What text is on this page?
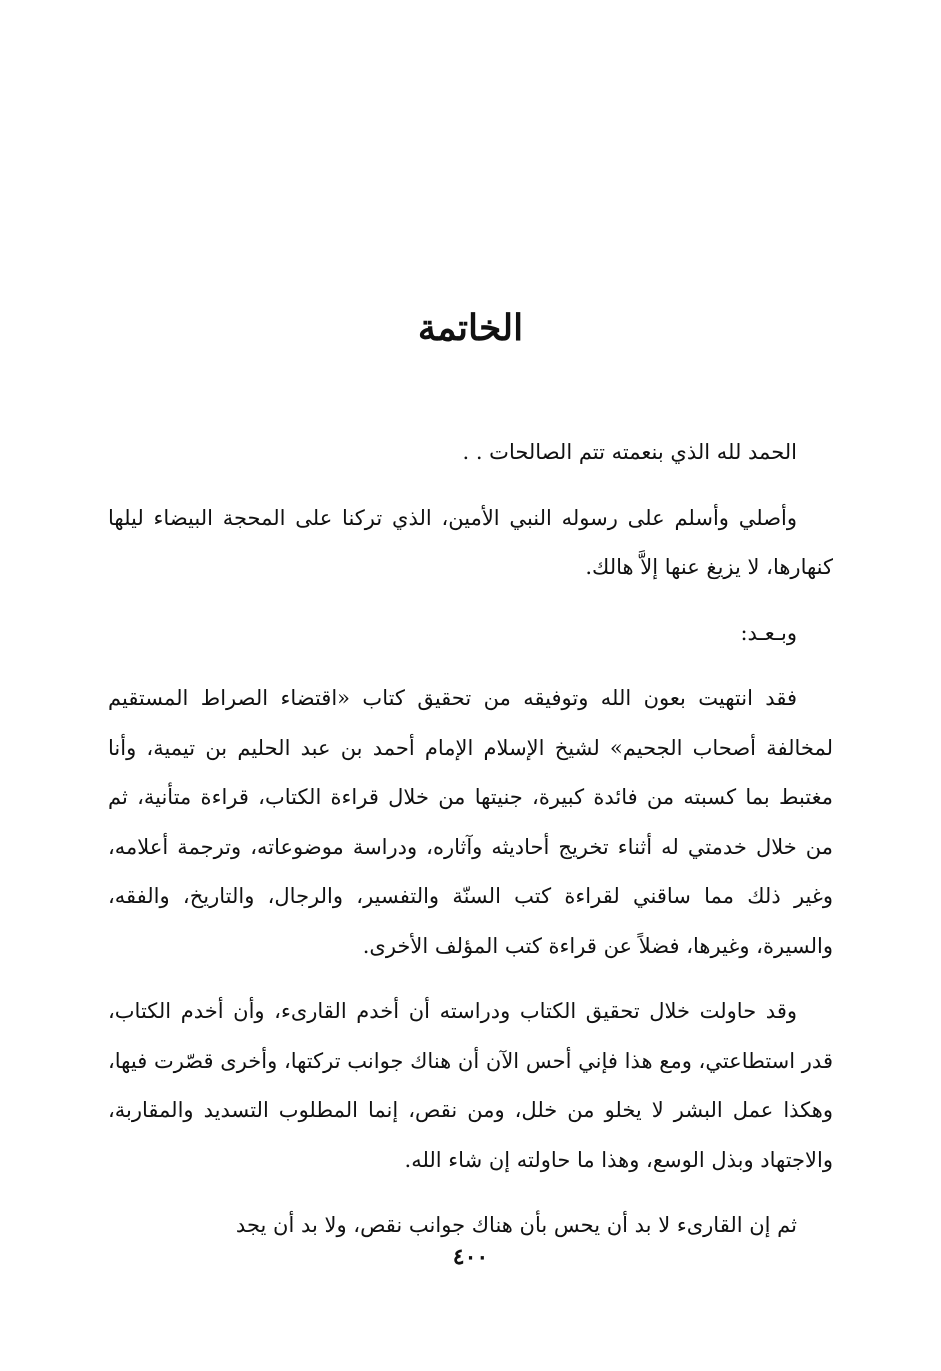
الخاتمة

الحمد لله الذي بنعمته تتم الصالحات . .

وأصلي وأسلم على رسوله النبي الأمين، الذي تركنا على المحجة البيضاء ليلها كنهارها، لا يزيغ عنها إلاَّ هالك.

وبـعـد:

فقد انتهيت بعون الله وتوفيقه من تحقيق كتاب «اقتضاء الصراط المستقيم لمخالفة أصحاب الجحيم» لشيخ الإسلام الإمام أحمد بن عبد الحليم بن تيمية، وأنا مغتبط بما كسبته من فائدة كبيرة، جنيتها من خلال قراءة الكتاب، قراءة متأنية، ثم من خلال خدمتي له أثناء تخريج أحاديثه وآثاره، ودراسة موضوعاته، وترجمة أعلامه، وغير ذلك مما ساقني لقراءة كتب السنّة والتفسير، والرجال، والتاريخ، والفقه، والسيرة، وغيرها، فضلاً عن قراءة كتب المؤلف الأخرى.

وقد حاولت خلال تحقيق الكتاب ودراسته أن أخدم القارىء، وأن أخدم الكتاب، قدر استطاعتي، ومع هذا فإني أحس الآن أن هناك جوانب تركتها، وأخرى قصّرت فيها، وهكذا عمل البشر لا يخلو من خلل، ومن نقص، إنما المطلوب التسديد والمقاربة، والاجتهاد وبذل الوسع، وهذا ما حاولته إن شاء الله.

ثم إن القارىء لا بد أن يحس بأن هناك جوانب نقص، ولا بد أن يجد

٤٠٠
